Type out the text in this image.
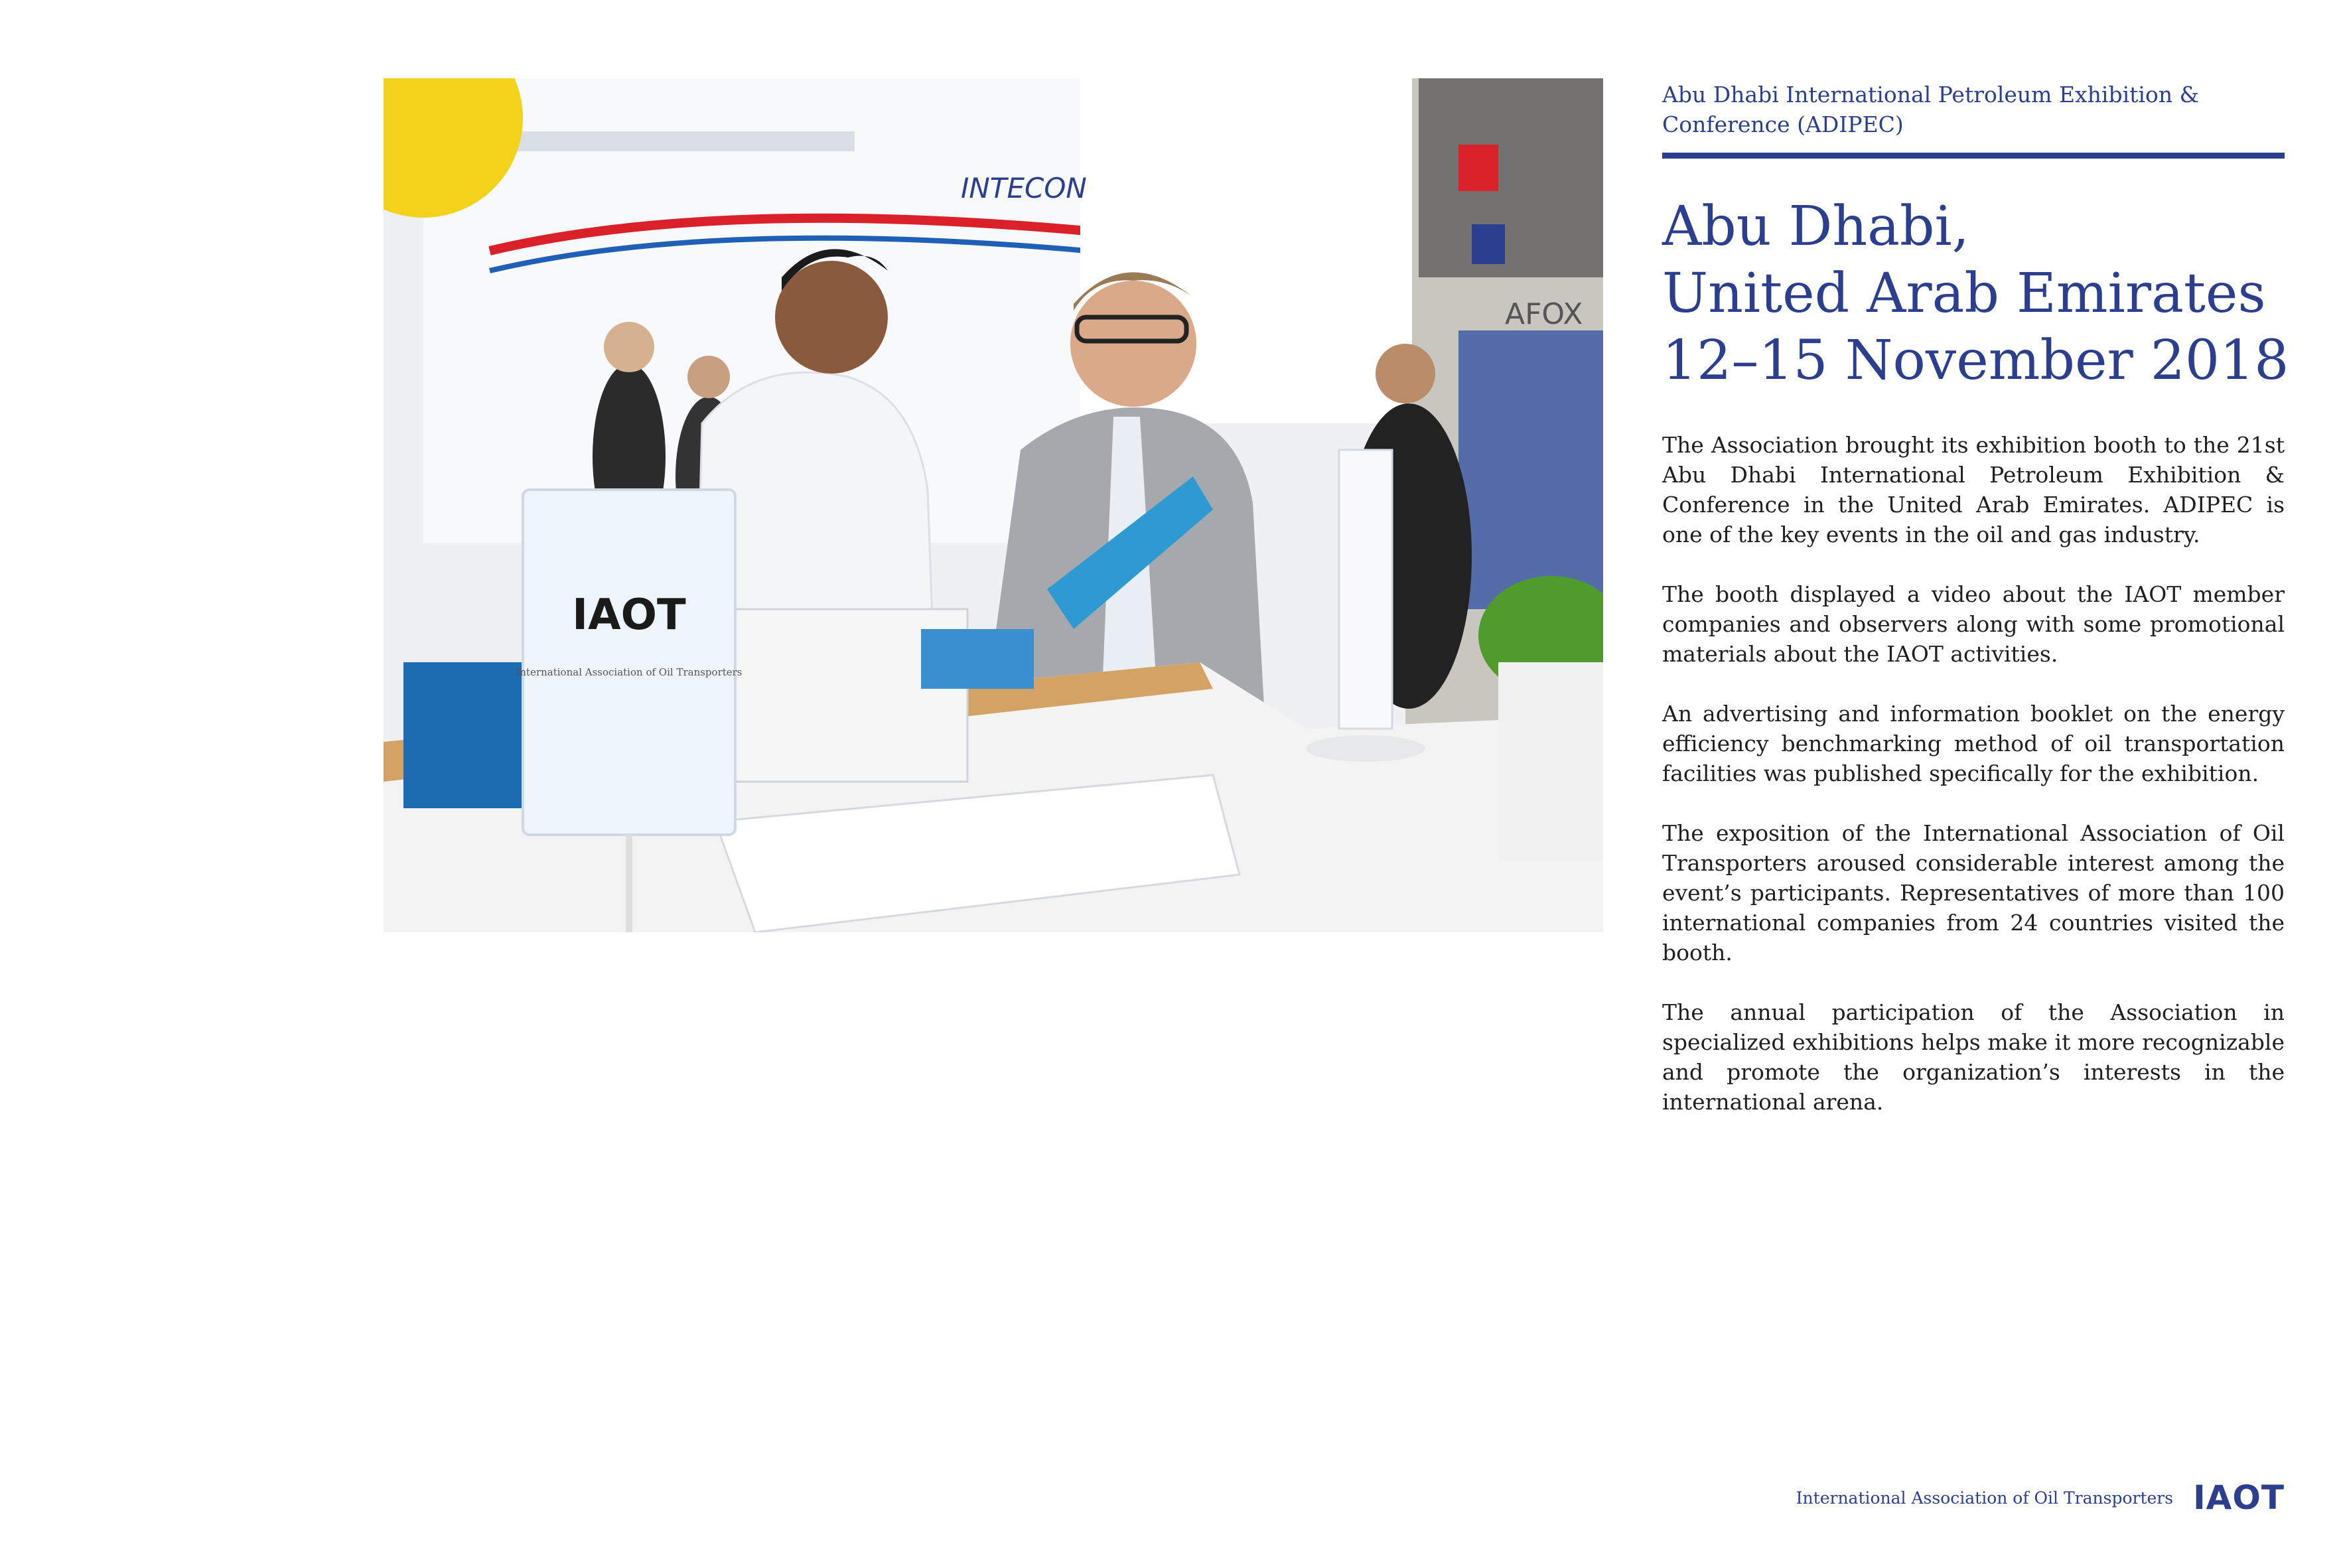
INTECON
AFOX
IAOT
International Association of Oil Transporters

Abu Dhabi International Petroleum Exhibition & Conference (ADIPEC)

Abu Dhabi,
United Arab Emirates
12–15 November 2018

The Association brought its exhibition booth to the 21st Abu Dhabi International Petroleum Exhibition & Conference in the United Arab Emirates. ADIPEC is one of the key events in the oil and gas industry.

The booth displayed a video about the IAOT member companies and observers along with some promotional materials about the IAOT activities.

An advertising and information booklet on the energy efficiency benchmarking method of oil transportation facilities was published specifically for the exhibition.

The exposition of the International Association of Oil Transporters aroused considerable interest among the event’s participants. Representatives of more than 100 international companies from 24 countries visited the booth.

The annual participation of the Association in specialized exhibitions helps make it more recognizable and promote the organization’s interests in the international arena.

International Association of Oil Transporters IAOT
